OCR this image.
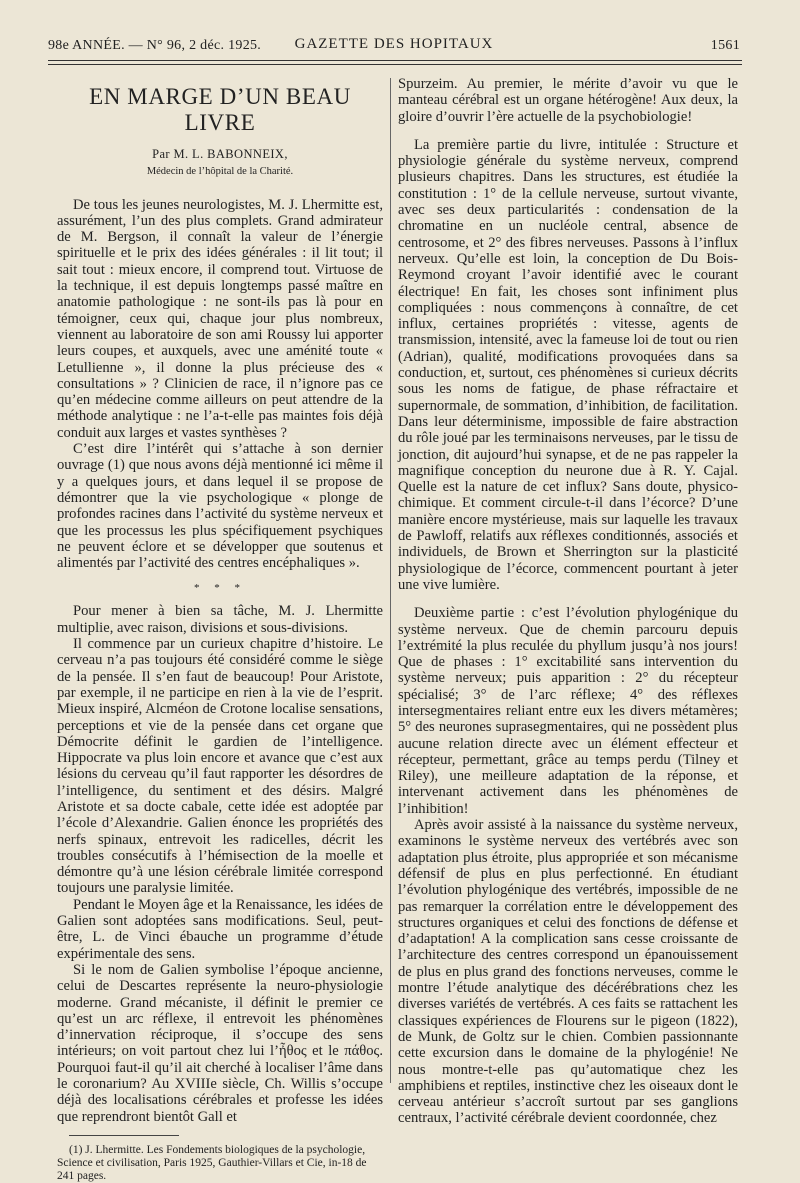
98e ANNÉE. — N° 96, 2 déc. 1925.	GAZETTE DES HOPITAUX	1561
EN MARGE D’UN BEAU LIVRE
Par M. L. BABONNEIX,
Médecin de l’hôpital de la Charité.

De tous les jeunes neurologistes, M. J. Lhermitte est, assurément, l’un des plus complets. Grand admirateur de M. Bergson, il connaît la valeur de l’énergie spirituelle et le prix des idées générales : il lit tout; il sait tout : mieux encore, il comprend tout. Virtuose de la technique, il est depuis longtemps passé maître en anatomie pathologique : ne sont-ils pas là pour en témoigner, ceux qui, chaque jour plus nombreux, viennent au laboratoire de son ami Roussy lui apporter leurs coupes, et auxquels, avec une aménité toute « Letullienne », il donne la plus précieuse des « consultations » ? Clinicien de race, il n’ignore pas ce qu’en médecine comme ailleurs on peut attendre de la méthode analytique : ne l’a-t-elle pas maintes fois déjà conduit aux larges et vastes synthèses ?

C’est dire l’intérêt qui s’attache à son dernier ouvrage (1) que nous avons déjà mentionné ici même il y a quelques jours, et dans lequel il se propose de démontrer que la vie psychologique « plonge de profondes racines dans l’activité du système nerveux et que les processus les plus spécifiquement psychiques ne peuvent éclore et se développer que soutenus et alimentés par l’activité des centres encéphaliques ».

* * *

Pour mener à bien sa tâche, M. J. Lhermitte multiplie, avec raison, divisions et sous-divisions.

Il commence par un curieux chapitre d’histoire. Le cerveau n’a pas toujours été considéré comme le siège de la pensée. Il s’en faut de beaucoup! Pour Aristote, par exemple, il ne participe en rien à la vie de l’esprit. Mieux inspiré, Alcméon de Crotone localise sensations, perceptions et vie de la pensée dans cet organe que Démocrite définit le gardien de l’intelligence. Hippocrate va plus loin encore et avance que c’est aux lésions du cerveau qu’il faut rapporter les désordres de l’intelligence, du sentiment et des désirs. Malgré Aristote et sa docte cabale, cette idée est adoptée par l’école d’Alexandrie. Galien énonce les propriétés des nerfs spinaux, entrevoit les radicelles, décrit les troubles consécutifs à l’hémisection de la moelle et démontre qu’à une lésion cérébrale limitée correspond toujours une paralysie limitée.

Pendant le Moyen âge et la Renaissance, les idées de Galien sont adoptées sans modifications. Seul, peut-être, L. de Vinci ébauche un programme d’étude expérimentale des sens.

Si le nom de Galien symbolise l’époque ancienne, celui de Descartes représente la neuro-physiologie moderne. Grand mécaniste, il définit le premier ce qu’est un arc réflexe, il entrevoit les phénomènes d’innervation réciproque, il s’occupe des sens intérieurs; on voit partout chez lui l’ἦθος et le πάθος. Pourquoi faut-il qu’il ait cherché à localiser l’âme dans le coronarium? Au XVIIIe siècle, Ch. Willis s’occupe déjà des localisations cérébrales et professe les idées que reprendront bientôt Gall et

(1) J. Lhermitte. Les Fondements biologiques de la psychologie, Science et civilisation, Paris 1925, Gauthier-Villars et Cie, in-18 de 241 pages.

Spurzeim. Au premier, le mérite d’avoir vu que le manteau cérébral est un organe hétérogène! Aux deux, la gloire d’ouvrir l’ère actuelle de la psychobiologie!

La première partie du livre, intitulée : Structure et physiologie générale du système nerveux, comprend plusieurs chapitres. Dans les structures, est étudiée la constitution : 1° de la cellule nerveuse, surtout vivante, avec ses deux particularités : condensation de la chromatine en un nucléole central, absence de centrosome, et 2° des fibres nerveuses. Passons à l’influx nerveux. Qu’elle est loin, la conception de Du Bois-Reymond croyant l’avoir identifié avec le courant électrique! En fait, les choses sont infiniment plus compliquées : nous commençons à connaître, de cet influx, certaines propriétés : vitesse, agents de transmission, intensité, avec la fameuse loi de tout ou rien (Adrian), qualité, modifications provoquées dans sa conduction, et, surtout, ces phénomènes si curieux décrits sous les noms de fatigue, de phase réfractaire et supernormale, de sommation, d’inhibition, de facilitation. Dans leur déterminisme, impossible de faire abstraction du rôle joué par les terminaisons nerveuses, par le tissu de jonction, dit aujourd’hui synapse, et de ne pas rappeler la magnifique conception du neurone due à R. Y. Cajal. Quelle est la nature de cet influx? Sans doute, physico-chimique. Et comment circule-t-il dans l’écorce? D’une manière encore mystérieuse, mais sur laquelle les travaux de Pawloff, relatifs aux réflexes conditionnés, associés et individuels, de Brown et Sherrington sur la plasticité physiologique de l’écorce, commencent pourtant à jeter une vive lumière.

Deuxième partie : c’est l’évolution phylogénique du système nerveux. Que de chemin parcouru depuis l’extrémité la plus reculée du phyllum jusqu’à nos jours! Que de phases : 1° excitabilité sans intervention du système nerveux; puis apparition : 2° du récepteur spécialisé; 3° de l’arc réflexe; 4° des réflexes intersegmentaires reliant entre eux les divers métamères; 5° des neurones suprasegmentaires, qui ne possèdent plus aucune relation directe avec un élément effecteur et récepteur, permettant, grâce au temps perdu (Tilney et Riley), une meilleure adaptation de la réponse, et intervenant activement dans les phénomènes de l’inhibition!

Après avoir assisté à la naissance du système nerveux, examinons le système nerveux des vertébrés avec son adaptation plus étroite, plus appropriée et son mécanisme défensif de plus en plus perfectionné. En étudiant l’évolution phylogénique des vertébrés, impossible de ne pas remarquer la corrélation entre le développement des structures organiques et celui des fonctions de défense et d’adaptation! A la complication sans cesse croissante de l’architecture des centres correspond un épanouissement de plus en plus grand des fonctions nerveuses, comme le montre l’étude analytique des décérébrations chez les diverses variétés de vertébrés. A ces faits se rattachent les classiques expériences de Flourens sur le pigeon (1822), de Munk, de Goltz sur le chien. Combien passionnante cette excursion dans le domaine de la phylogénie! Ne nous montre-t-elle pas qu’automatique chez les amphibiens et reptiles, instinctive chez les oiseaux dont le cerveau antérieur s’accroît surtout par ses ganglions centraux, l’activité cérébrale devient coordonnée, chez
